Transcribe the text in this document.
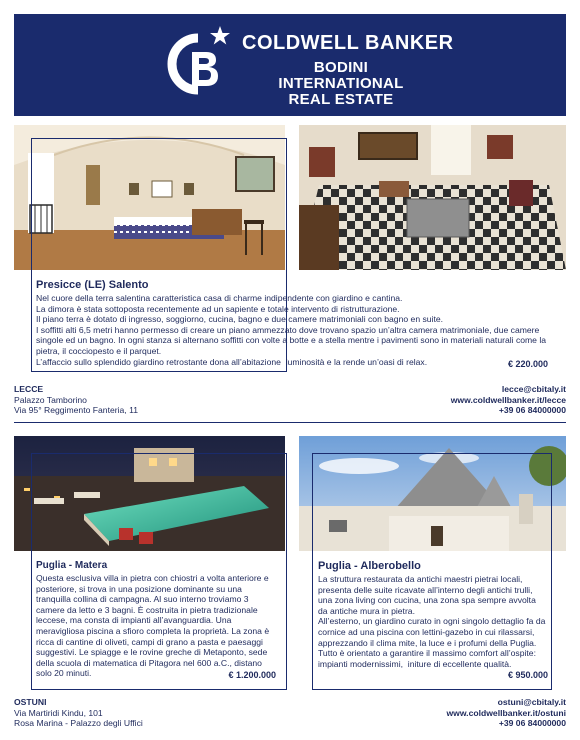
COLDWELL BANKER
BODINI INTERNATIONAL
REAL ESTATE
Presicce (LE) Salento
Nel cuore della terra salentina caratteristica casa di charme indipendente con giardino e cantina.
La dimora è stata sottoposta recentemente ad un sapiente e totale intervento di ristrutturazione.
Il piano terra è dotato di ingresso, soggiorno, cucina, bagno e due camere matrimoniali con bagno en suite.
I soffitti alti 6,5 metri hanno permesso di creare un piano ammezzato dove trovano spazio un’altra camera matrimoniale, due camere singole ed un bagno. In ogni stanza si alternano soffitti con volte a botte e a stella mentre i pavimenti sono in materiali naturali come la pietra, il cocciopesto e il parquet.
L’affaccio sullo splendido giardino retrostante dona all’abitazione  luminosità e la rende un’oasi di relax.	€ 220.000
LECCE
Palazzo Tamborino
Via 95° Reggimento Fanteria, 11
lecce@cbitaly.it
www.coldwellbanker.it/lecce
+39 06 84000000
Puglia - Matera
Questa esclusiva villa in pietra con chiostri a volta anteriore e posteriore, si trova in una posizione dominante su una tranquilla collina di campagna. Al suo interno troviamo 3 camere da letto e 3 bagni. È costruita in pietra tradizionale leccese, ma consta di impianti all’avanguardia. Una meravigliosa piscina a sfioro completa la proprietà. La zona è ricca di cantine di oliveti, campi di grano a pasta e paesaggi suggestivi. Le spiagge e le rovine greche di Metaponto, sede della scuola di matematica di Pitagora nel 600 a.C., distano solo 20 minuti.	€ 1.200.000
Puglia - Alberobello
La struttura restaurata da antichi maestri pietrai locali, presenta delle suite ricavate all’interno degli antichi trulli, una zona living con cucina, una zona spa sempre avvolta da antiche mura in pietra.
All’esterno, un giardino curato in ogni singolo dettaglio fa da cornice ad una piscina con lettini-gazebo in cui rilassarsi, apprezzando il clima mite, la luce e i profumi della Puglia.
Tutto è orientato a garantire il massimo comfort all’ospite: impianti modernissimi,  initure di eccellente qualità.
€ 950.000
OSTUNI
Via Martiridi Kindu, 101
Rosa Marina - Palazzo degli Uffici
ostuni@cbitaly.it
www.coldwellbanker.it/ostuni
+39 06 84000000
